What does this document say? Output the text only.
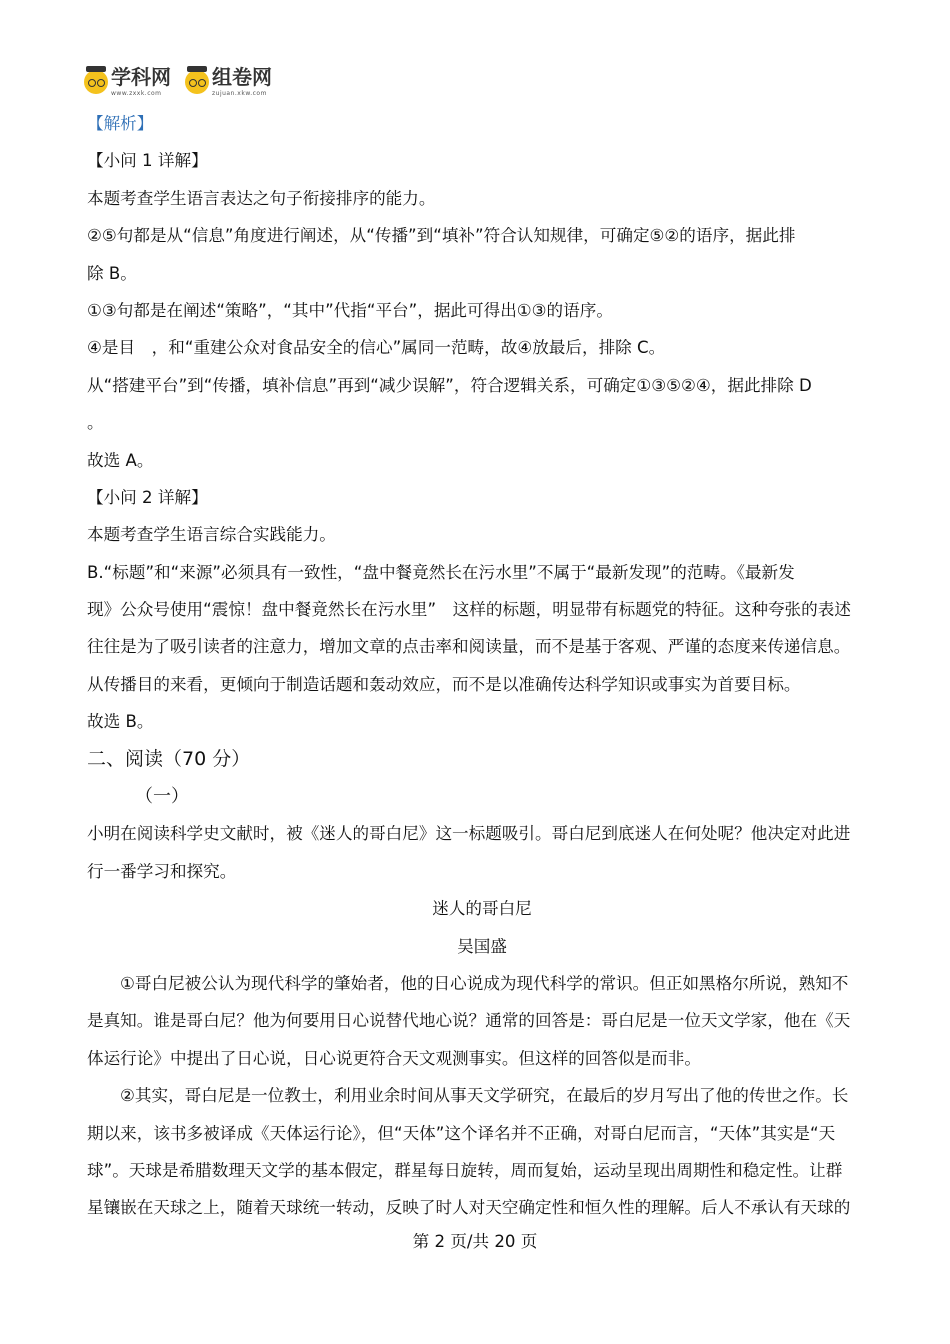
学科网
www.zxxk.com
组卷网
zujuan.xkw.com
【解析】
【小问 1 详解】
本题考查学生语言表达之句子衔接排序的能力。
②⑤句都是从“信息”角度进行阐述，从“传播”到“填补”符合认知规律，可确定⑤②的语序，据此排
除 B。
①③句都是在阐述“策略”，“其中”代指“平台”，据此可得出①③的语序。
④是目　，和“重建公众对食品安全的信心”属同一范畴，故④放最后，排除 C。
从“搭建平台”到“传播，填补信息”再到“减少误解”，符合逻辑关系，可确定①③⑤②④，据此排除 D
。
故选 A。
【小问 2 详解】
本题考查学生语言综合实践能力。
B.“标题”和“来源”必须具有一致性，“盘中餐竟然长在污水里”不属于“最新发现”的范畴。《最新发
现》公众号使用“震惊！盘中餐竟然长在污水里”　这样的标题，明显带有标题党的特征。这种夸张的表述
往往是为了吸引读者的注意力，增加文章的点击率和阅读量，而不是基于客观、严谨的态度来传递信息。
从传播目的来看，更倾向于制造话题和轰动效应，而不是以准确传达科学知识或事实为首要目标。
故选 B。
二、阅读（70 分）
（一）
小明在阅读科学史文献时，被《迷人的哥白尼》这一标题吸引。哥白尼到底迷人在何处呢？他决定对此进
行一番学习和探究。
迷人的哥白尼
吴国盛
①哥白尼被公认为现代科学的肇始者，他的日心说成为现代科学的常识。但正如黑格尔所说，熟知不
是真知。谁是哥白尼？他为何要用日心说替代地心说？通常的回答是：哥白尼是一位天文学家，他在《天
体运行论》中提出了日心说，日心说更符合天文观测事实。但这样的回答似是而非。
②其实，哥白尼是一位教士，利用业余时间从事天文学研究，在最后的岁月写出了他的传世之作。长
期以来，该书多被译成《天体运行论》，但“天体”这个译名并不正确，对哥白尼而言，“天体”其实是“天
球”。天球是希腊数理天文学的基本假定，群星每日旋转，周而复始，运动呈现出周期性和稳定性。让群
星镶嵌在天球之上，随着天球统一转动，反映了时人对天空确定性和恒久性的理解。后人不承认有天球的
第 2 页/共 20 页
